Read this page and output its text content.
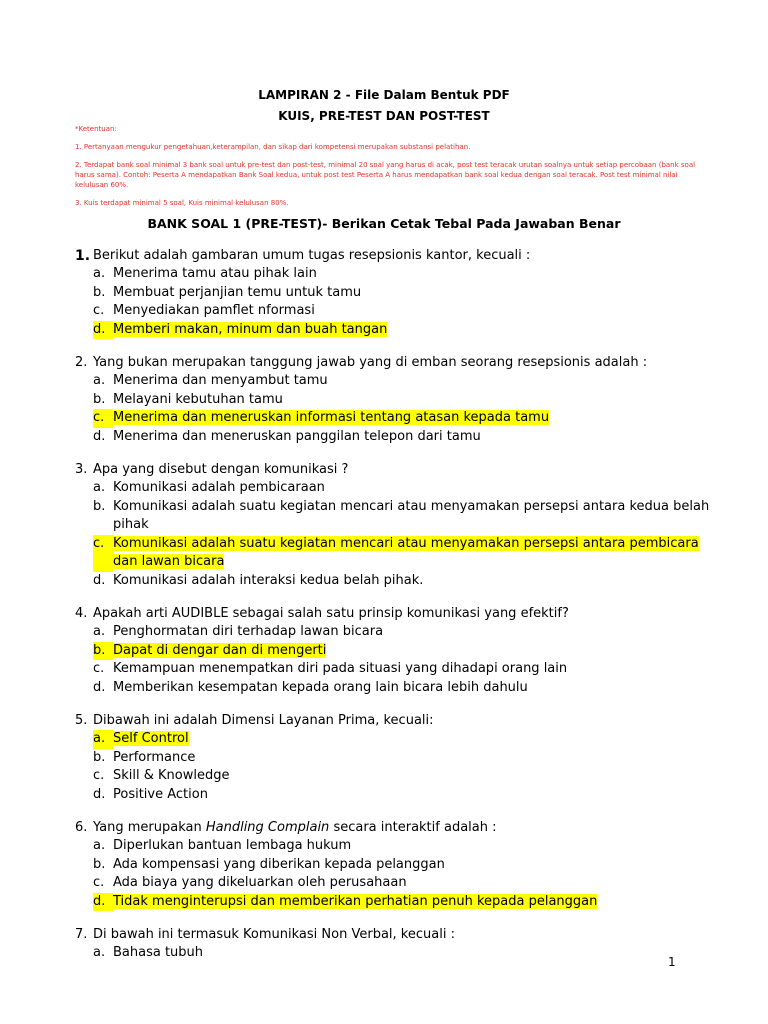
LAMPIRAN 2 - File Dalam Bentuk PDF
KUIS, PRE-TEST DAN POST-TEST

*Ketentuan:

1. Pertanyaan mengukur pengetahuan,keterampilan, dan sikap dari kompetensi merupakan substansi pelatihan.

2. Terdapat bank soal minimal 3 bank soal untuk pre-test dan post-test, minimal 20 soal yang harus di acak, post test teracak urutan soalnya untuk setiap percobaan (bank soal harus sama). Contoh: Peserta A mendapatkan Bank Soal kedua, untuk post test Peserta A harus mendapatkan bank soal kedua dengan soal teracak. Post test minimal nilai kelulusan 60%.

3. Kuis terdapat minimal 5 soal, Kuis minimal kelulusan 80%.

BANK SOAL 1 (PRE-TEST)- Berikan Cetak Tebal Pada Jawaban Benar
1. Berikut adalah gambaran umum tugas resepsionis kantor, kecuali :
a. Menerima tamu atau pihak lain
b. Membuat perjanjian temu untuk tamu
c. Menyediakan pamflet nformasi
d. Memberi makan, minum dan buah tangan
2. Yang bukan merupakan tanggung jawab yang di emban seorang resepsionis adalah :
a. Menerima dan menyambut tamu
b. Melayani kebutuhan tamu
c. Menerima dan meneruskan informasi tentang atasan kepada tamu
d. Menerima dan meneruskan panggilan telepon dari tamu
3. Apa yang disebut dengan komunikasi ?
a. Komunikasi adalah pembicaraan
b. Komunikasi adalah suatu kegiatan mencari atau menyamakan persepsi antara kedua belah pihak
c. Komunikasi adalah suatu kegiatan mencari atau menyamakan persepsi antara pembicara dan lawan bicara
d. Komunikasi adalah interaksi kedua belah pihak.
4. Apakah arti AUDIBLE sebagai salah satu prinsip komunikasi yang efektif?
a. Penghormatan diri terhadap lawan bicara
b. Dapat di dengar dan di mengerti
c. Kemampuan menempatkan diri pada situasi yang dihadapi orang lain
d. Memberikan kesempatan kepada orang lain bicara lebih dahulu
5. Dibawah ini adalah Dimensi Layanan Prima, kecuali:
a. Self Control
b. Performance
c. Skill & Knowledge
d. Positive Action
6. Yang merupakan Handling Complain secara interaktif adalah :
a. Diperlukan bantuan lembaga hukum
b. Ada kompensasi yang diberikan kepada pelanggan
c. Ada biaya yang dikeluarkan oleh perusahaan
d. Tidak menginterupsi dan memberikan perhatian penuh kepada pelanggan
7. Di bawah ini termasuk Komunikasi Non Verbal, kecuali :
a. Bahasa tubuh
1
